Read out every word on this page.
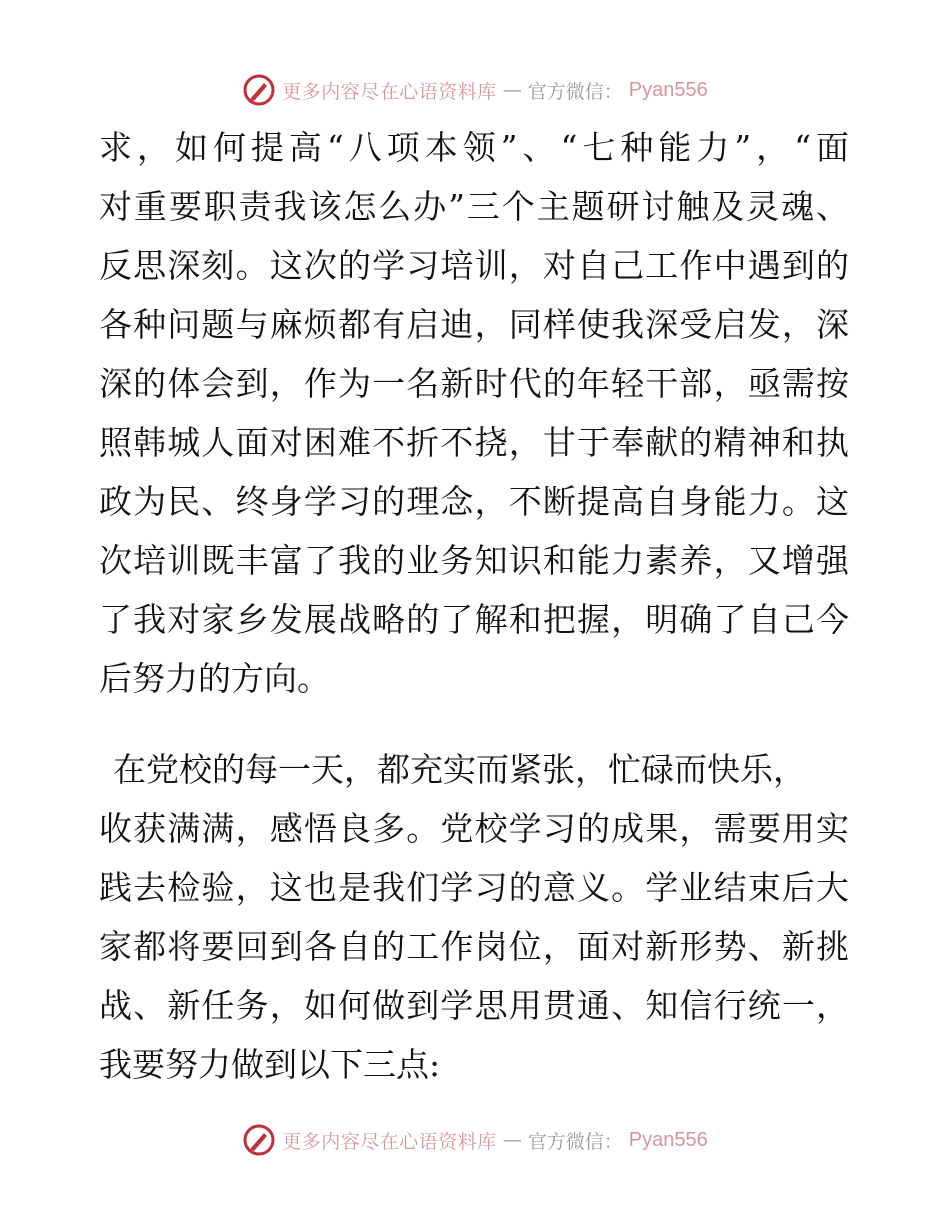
更多内容尽在心语资料库 — 官方微信： Pyan556
求，如何提高“八项本领”、“七种能力”，“面
对重要职责我该怎么办”三个主题研讨触及灵魂、
反思深刻。这次的学习培训，对自己工作中遇到的
各种问题与麻烦都有启迪，同样使我深受启发，深
深的体会到，作为一名新时代的年轻干部，亟需按
照韩城人面对困难不折不挠，甘于奉献的精神和执
政为民、终身学习的理念，不断提高自身能力。这
次培训既丰富了我的业务知识和能力素养，又增强
了我对家乡发展战略的了解和把握，明确了自己今
后努力的方向。
在党校的每一天，都充实而紧张，忙碌而快乐，
收获满满，感悟良多。党校学习的成果，需要用实
践去检验，这也是我们学习的意义。学业结束后大
家都将要回到各自的工作岗位，面对新形势、新挑
战、新任务，如何做到学思用贯通、知信行统一，
我要努力做到以下三点:
更多内容尽在心语资料库 — 官方微信： Pyan556
